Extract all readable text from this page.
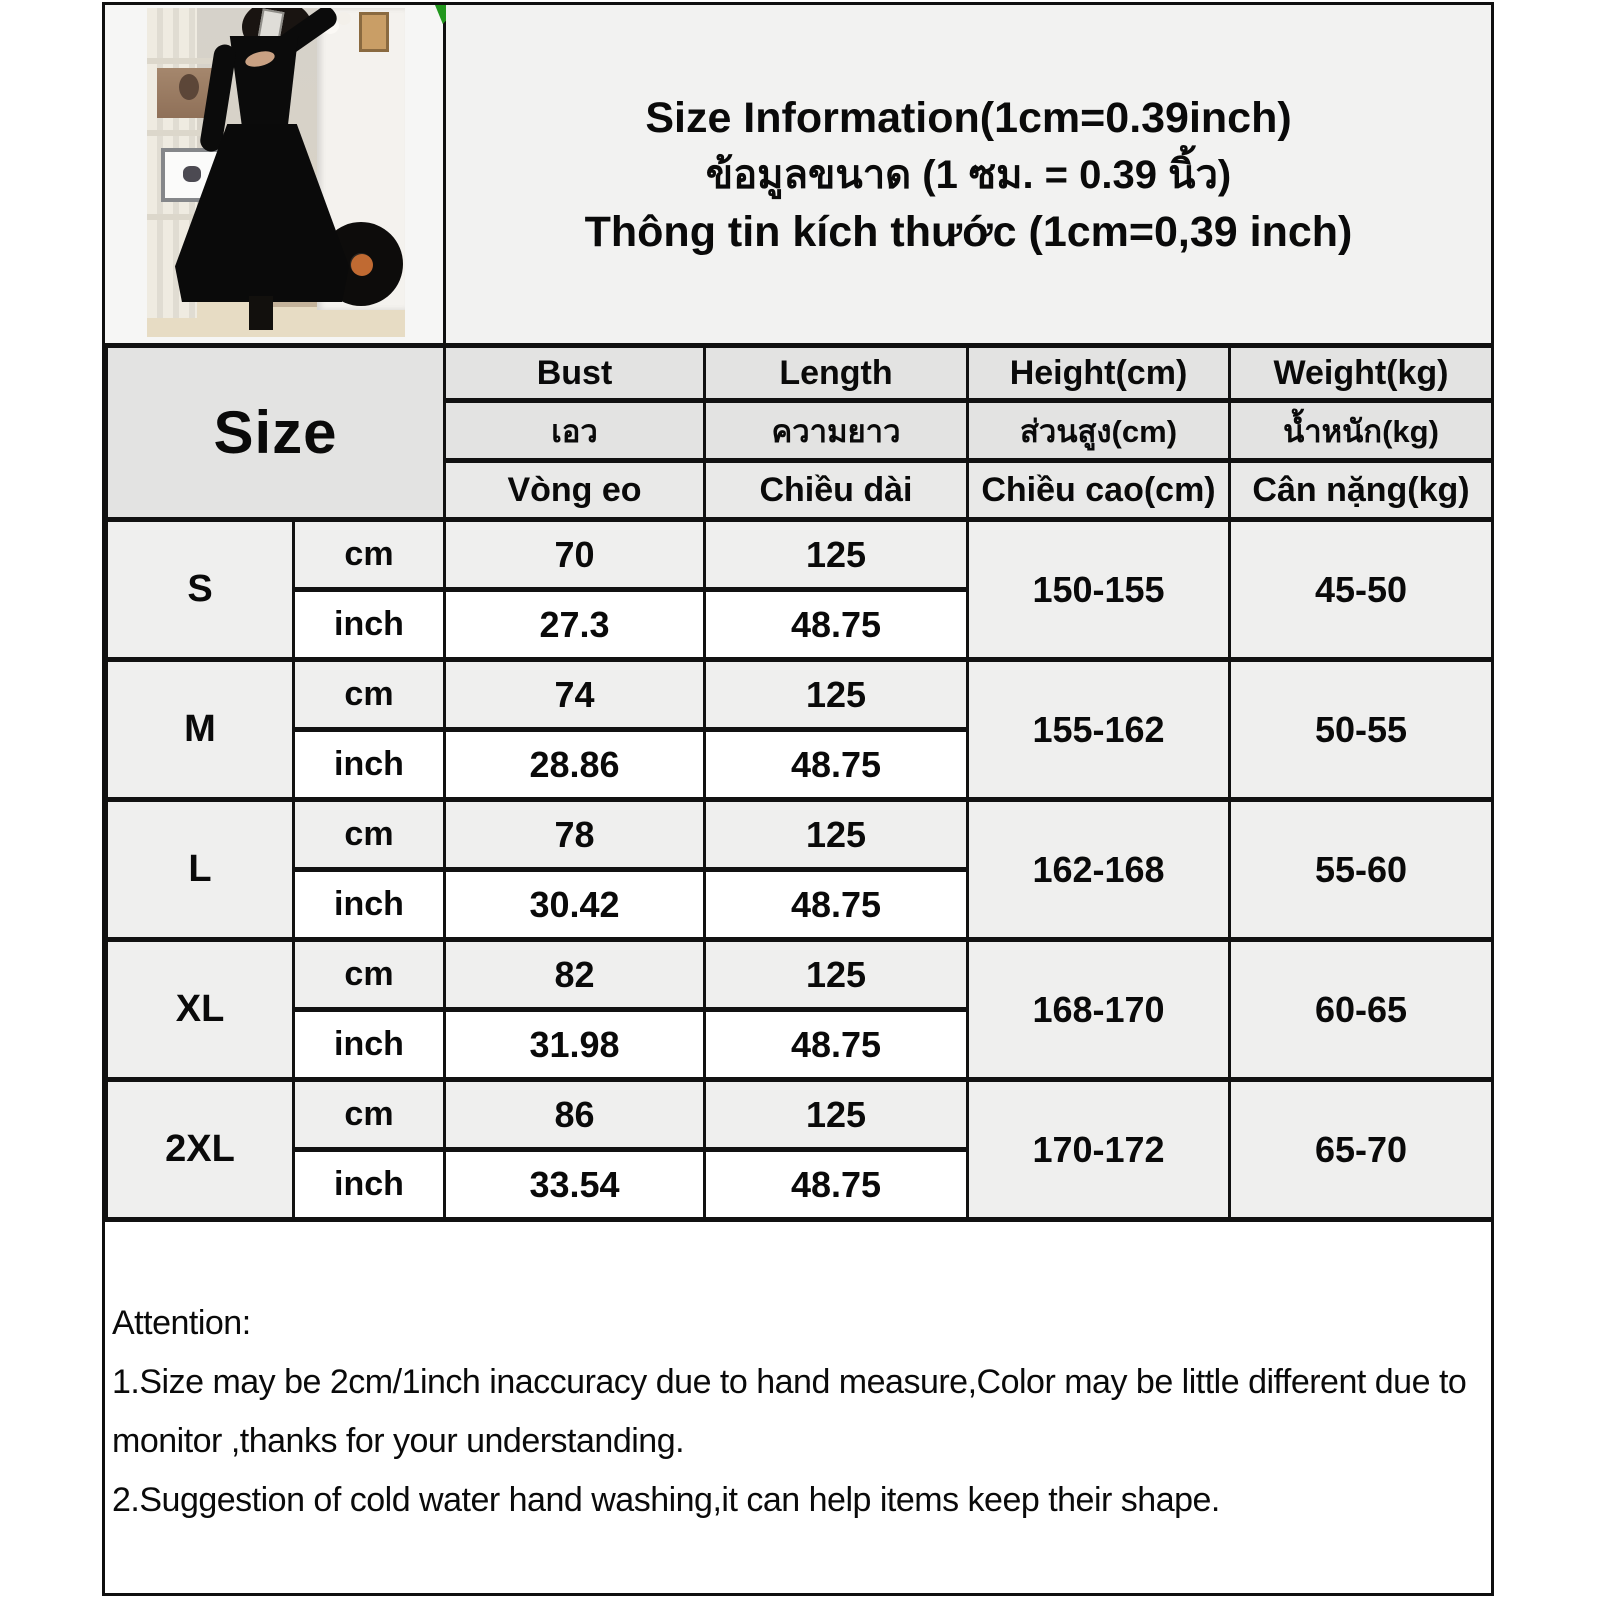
Size Information(1cm=0.39inch)
ข้อมูลขนาด (1 ซม. = 0.39 นิ้ว)
Thông tin kích thước (1cm=0,39 inch)
Size		Bust	Length	Height(cm)	Weight(kg)
		เอว	ความยาว	ส่วนสูง(cm)	น้ำหนัก(kg)
		Vòng eo	Chiều dài	Chiều cao(cm)	Cân nặng(kg)
S	cm	70	125	150-155	45-50
	inch	27.3	48.75		
M	cm	74	125	155-162	50-55
	inch	28.86	48.75		
L	cm	78	125	162-168	55-60
	inch	30.42	48.75		
XL	cm	82	125	168-170	60-65
	inch	31.98	48.75		
2XL	cm	86	125	170-172	65-70
	inch	33.54	48.75		
Attention:
1.Size may be 2cm/1inch inaccuracy due to hand measure,Color may be little different due to monitor ,thanks for your understanding.
2.Suggestion of cold water hand washing,it can help items keep their shape.
